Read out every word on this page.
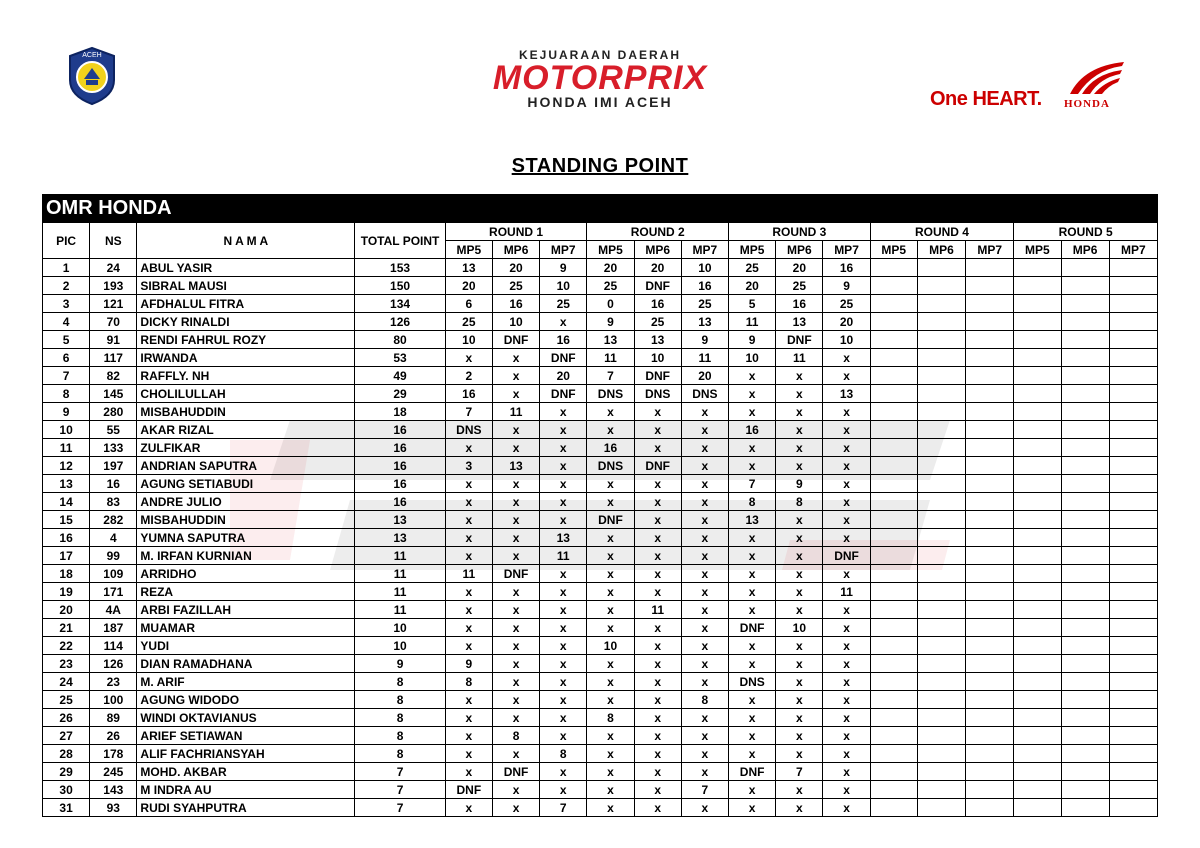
ACEH	KEJUARAAN DAERAH
MOTORPRIX
HONDA IMI ACEH	One HEART. HONDA
STANDING POINT
OMR HONDA
PIC	NS	N A M A	TOTAL POINT	ROUND 1			ROUND 2			ROUND 3			ROUND 4			ROUND 5		
				MP5	MP6	MP7	MP5	MP6	MP7	MP5	MP6	MP7	MP5	MP6	MP7	MP5	MP6	MP7
1	24	ABUL YASIR	153	13	20	9	20	20	10	25	20	16						
2	193	SIBRAL MAUSI	150	20	25	10	25	DNF	16	20	25	9						
3	121	AFDHALUL FITRA	134	6	16	25	0	16	25	5	16	25						
4	70	DICKY RINALDI	126	25	10	x	9	25	13	11	13	20						
5	91	RENDI FAHRUL ROZY	80	10	DNF	16	13	13	9	9	DNF	10						
6	117	IRWANDA	53	x	x	DNF	11	10	11	10	11	x						
7	82	RAFFLY. NH	49	2	x	20	7	DNF	20	x	x	x						
8	145	CHOLILULLAH	29	16	x	DNF	DNS	DNS	DNS	x	x	13						
9	280	MISBAHUDDIN	18	7	11	x	x	x	x	x	x	x						
10	55	AKAR RIZAL	16	DNS	x	x	x	x	x	16	x	x						
11	133	ZULFIKAR	16	x	x	x	16	x	x	x	x	x						
12	197	ANDRIAN SAPUTRA	16	3	13	x	DNS	DNF	x	x	x	x						
13	16	AGUNG SETIABUDI	16	x	x	x	x	x	x	7	9	x						
14	83	ANDRE JULIO	16	x	x	x	x	x	x	8	8	x						
15	282	MISBAHUDDIN	13	x	x	x	DNF	x	x	13	x	x						
16	4	YUMNA SAPUTRA	13	x	x	13	x	x	x	x	x	x						
17	99	M. IRFAN KURNIAN	11	x	x	11	x	x	x	x	x	DNF						
18	109	ARRIDHO	11	11	DNF	x	x	x	x	x	x	x						
19	171	REZA	11	x	x	x	x	x	x	x	x	11						
20	4A	ARBI FAZILLAH	11	x	x	x	x	11	x	x	x	x						
21	187	MUAMAR	10	x	x	x	x	x	x	DNF	10	x						
22	114	YUDI	10	x	x	x	10	x	x	x	x	x						
23	126	DIAN RAMADHANA	9	9	x	x	x	x	x	x	x	x						
24	23	M. ARIF	8	8	x	x	x	x	x	DNS	x	x						
25	100	AGUNG WIDODO	8	x	x	x	x	x	8	x	x	x						
26	89	WINDI OKTAVIANUS	8	x	x	x	8	x	x	x	x	x						
27	26	ARIEF SETIAWAN	8	x	8	x	x	x	x	x	x	x						
28	178	ALIF FACHRIANSYAH	8	x	x	8	x	x	x	x	x	x						
29	245	MOHD. AKBAR	7	x	DNF	x	x	x	x	DNF	7	x						
30	143	M INDRA AU	7	DNF	x	x	x	x	7	x	x	x						
31	93	RUDI SYAHPUTRA	7	x	x	7	x	x	x	x	x	x						
